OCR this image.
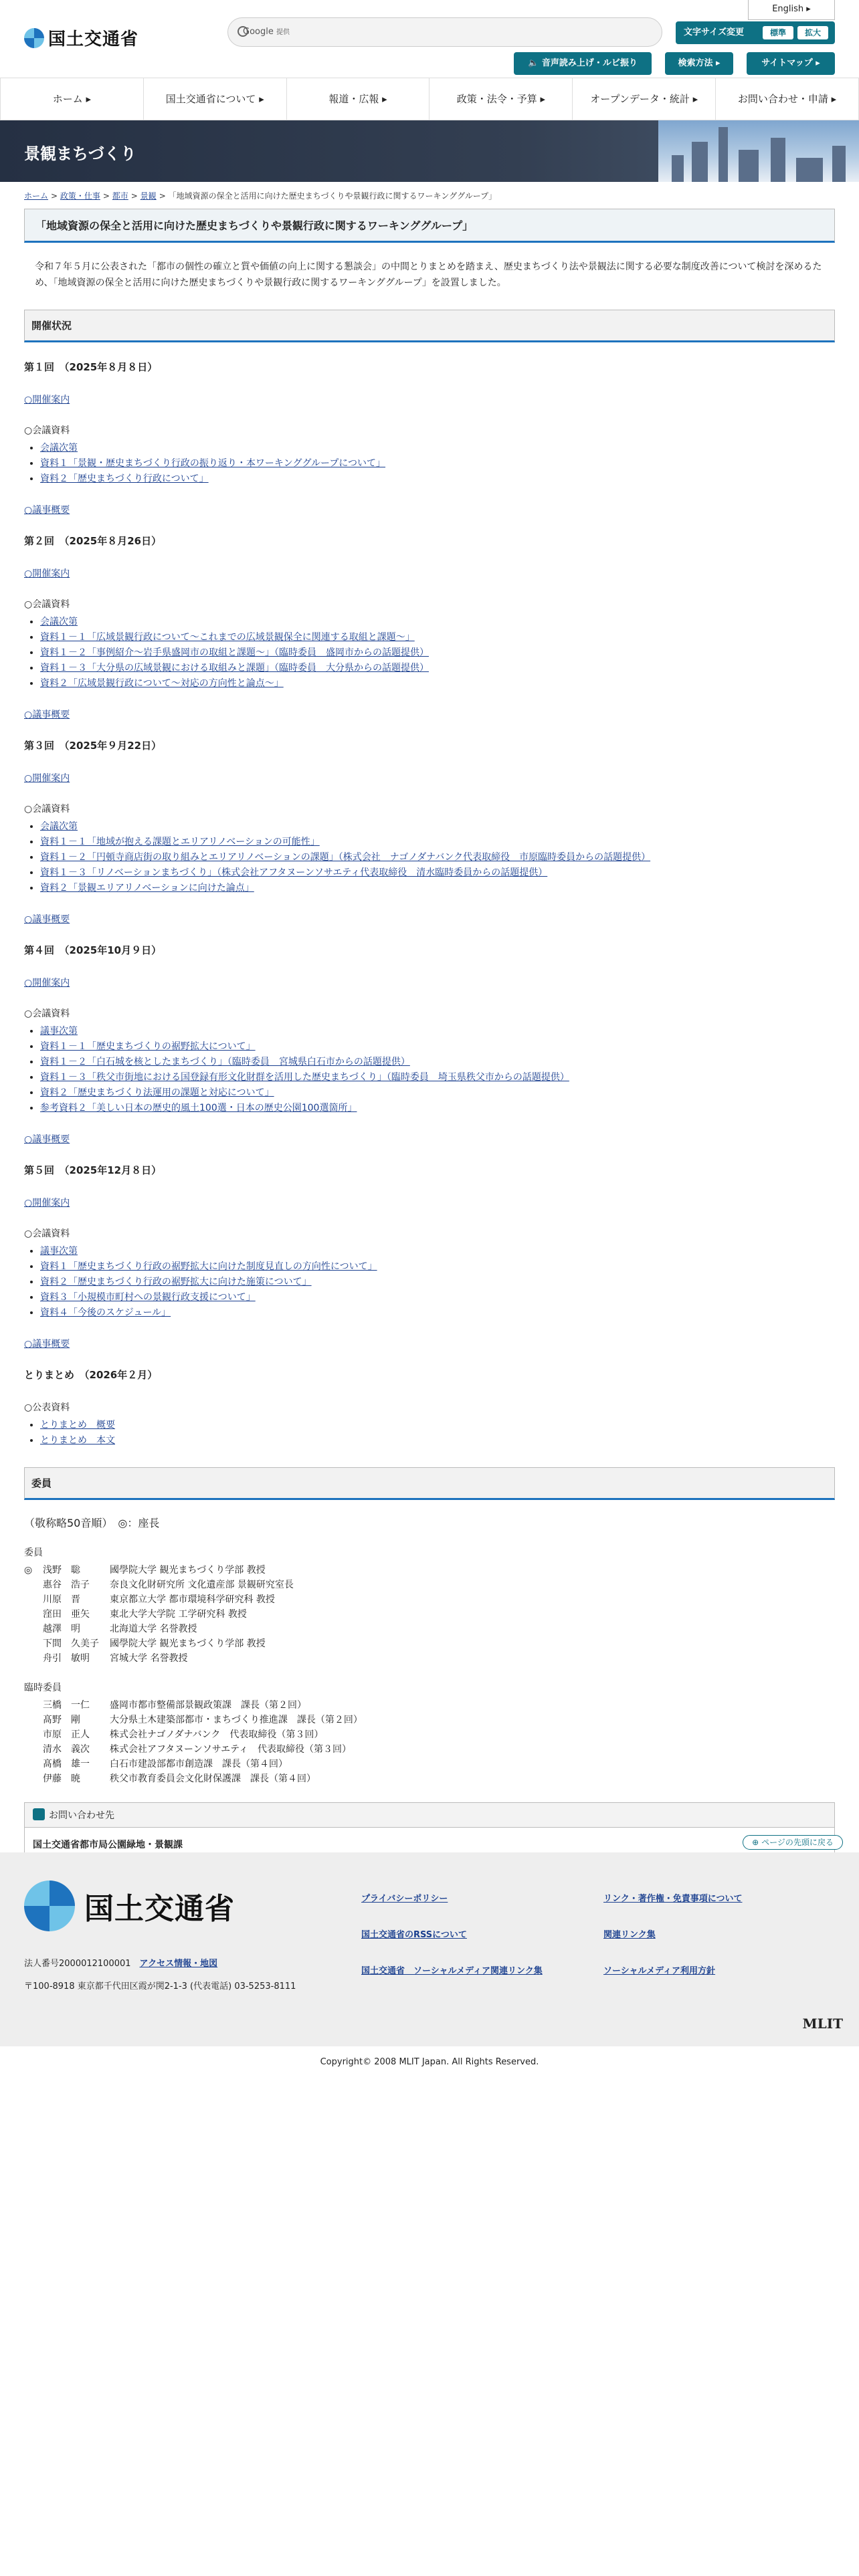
国土交通省
English ▸
Google 提供	文字サイズ変更	標準	拡大
🔈 音声読み上げ・ルビ振り	検索方法 ▸	サイトマップ ▸
ホーム ▸	国土交通省について ▸	報道・広報 ▸	政策・法令・予算 ▸	オープンデータ・統計 ▸	お問い合わせ・申請 ▸
景観まちづくり
ホーム > 政策・仕事 > 都市 > 景観 > 「地域資源の保全と活用に向けた歴史まちづくりや景観行政に関するワーキンググループ」
「地域資源の保全と活用に向けた歴史まちづくりや景観行政に関するワーキンググループ」

令和７年５月に公表された「都市の個性の確立と質や価値の向上に関する懇談会」の中間とりまとめを踏まえ、歴史まちづくり法や景観法に関する必要な制度改善について検討を深めるため、「地域資源の保全と活用に向けた歴史まちづくりや景観行政に関するワーキンググループ」を設置しました。

開催状況
第１回　（2025年８月８日）
○開催案内
○会議資料
• 会議次第
• 資料１「景観・歴史まちづくり行政の振り返り・本ワーキンググループについて」
• 資料２「歴史まちづくり行政について」
○議事概要
第２回　（2025年８月26日）
○開催案内
○会議資料
• 会議次第
• 資料１－１「広域景観行政について～これまでの広域景観保全に関連する取組と課題～」
• 資料１－２「事例紹介～岩手県盛岡市の取組と課題～」（臨時委員　盛岡市からの話題提供）
• 資料１－３「大分県の広域景観における取組みと課題」（臨時委員　大分県からの話題提供）
• 資料２「広域景観行政について～対応の方向性と論点～」
○議事概要
第３回　（2025年９月22日）
○開催案内
○会議資料
• 会議次第
• 資料１－１「地域が抱える課題とエリアリノベーションの可能性」
• 資料１－２「円頓寺商店街の取り組みとエリアリノベーションの課題」（株式会社　ナゴノダナバンク代表取締役　市原臨時委員からの話題提供）
• 資料１－３「リノベーションまちづくり」（株式会社アフタヌーンソサエティ代表取締役　清水臨時委員からの話題提供）
• 資料２「景観エリアリノベーションに向けた論点」
○議事概要
第４回　（2025年10月９日）
○開催案内
○会議資料
• 議事次第
• 資料１－１「歴史まちづくりの裾野拡大について」
• 資料１－２「白石城を核としたまちづくり」（臨時委員　宮城県白石市からの話題提供）
• 資料１－３「秩父市街地における国登録有形文化財群を活用した歴史まちづくり」（臨時委員　埼玉県秩父市からの話題提供）
• 資料２「歴史まちづくり法運用の課題と対応について」
• 参考資料２「美しい日本の歴史的風土100選・日本の歴史公園100選箇所」
○議事概要
第５回　（2025年12月８日）
○開催案内
○会議資料
• 議事次第
• 資料１「歴史まちづくり行政の裾野拡大に向けた制度見直しの方向性について」
• 資料２「歴史まちづくり行政の裾野拡大に向けた施策について」
• 資料３「小規模市町村への景観行政支援について」
• 資料４「今後のスケジュール」
○議事概要
とりまとめ　（2026年２月）
○公表資料
• とりまとめ　概要
• とりまとめ　本文
委員
（敬称略50音順）　◎：座長
委員
◎	浅野　聡	國學院大学 観光まちづくり学部 教授
惠谷　浩子	奈良文化財研究所 文化遺産部 景観研究室長
川原　晋	東京都立大学 都市環境科学研究科 教授
窪田　亜矢	東北大学大学院 工学研究科 教授
越澤　明	北海道大学 名誉教授
下間　久美子	國學院大学 観光まちづくり学部 教授
舟引　敏明	宮城大学 名誉教授
臨時委員
三橋　一仁	盛岡市都市整備部景観政策課　課長（第２回）
髙野　剛	大分県土木建築部都市・まちづくり推進課　課長（第２回）
市原　正人	株式会社ナゴノダナバンク　代表取締役（第３回）
清水　義次	株式会社アフタヌーンソサエティ　代表取締役（第３回）
髙橋　雄一	白石市建設部都市創造課　課長（第４回）
伊藤　暁	秩父市教育委員会文化財保護課　課長（第４回）
お問い合わせ先
国土交通省都市局公園緑地・景観課
　	⊕ ページの先頭に戻る
国土交通省
法人番号2000012100001　 アクセス情報・地図
〒100-8918 東京都千代田区霞が関2-1-3 (代表電話) 03-5253-8111
プライバシーポリシー	リンク・著作権・免責事項について
国土交通省のRSSについて	関連リンク集
国土交通省　ソーシャルメディア関連リンク集	ソーシャルメディア利用方針
MLIT
Copyright© 2008 MLIT Japan. All Rights Reserved.
